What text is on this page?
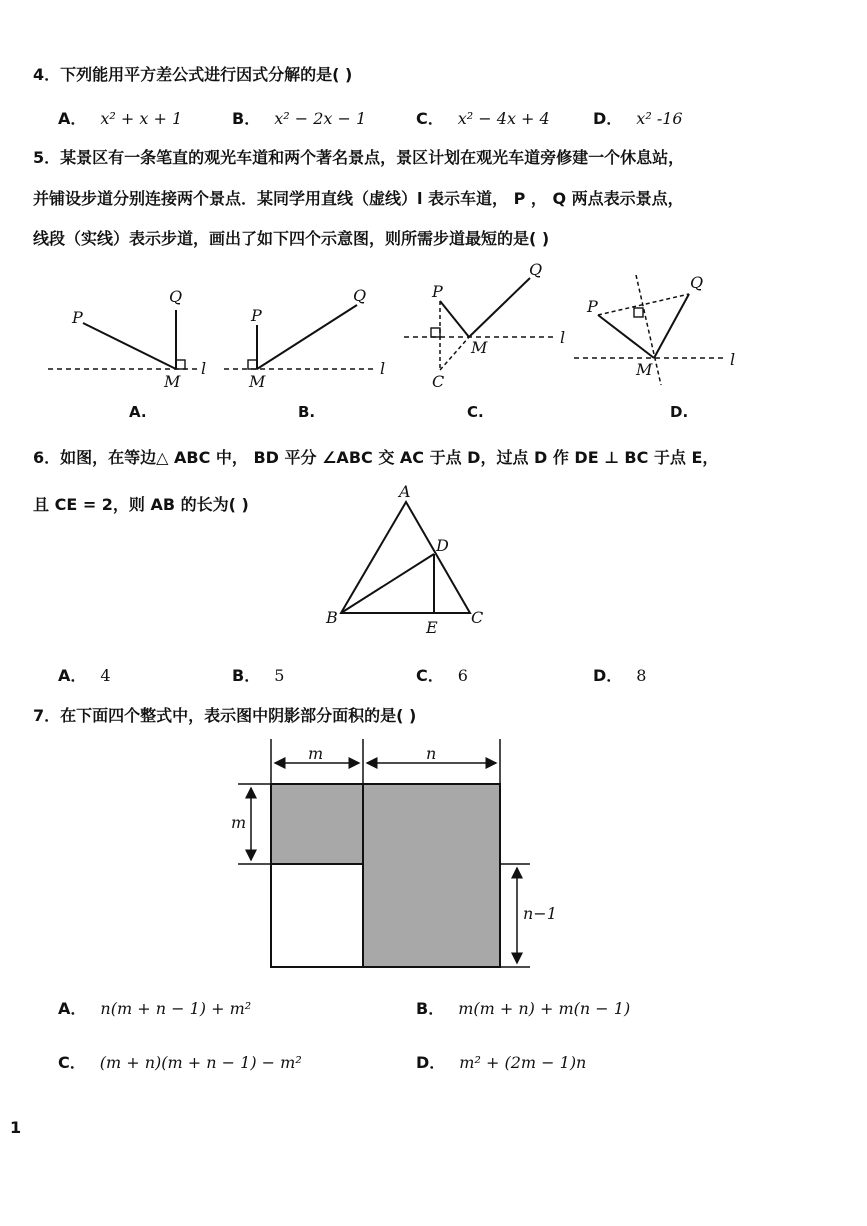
4．下列能用平方差公式进行因式分解的是( )
A． x² + x + 1	B． x² − 2x − 1	C． x² − 4x + 4	D． x² -16
5．某景区有一条笔直的观光车道和两个著名景点，景区计划在观光车道旁修建一个休息站，
并铺设步道分别连接两个景点．某同学用直线（虚线）l 表示车道， P ， Q 两点表示景点，
线段（实线）表示步道，画出了如下四个示意图，则所需步道最短的是( )
P
Q
M
l
P
Q
M
l
P
Q
M
C
l
P
Q
M
l
A.	B.	C.	D.
6．如图，在等边△ ABC 中， BD 平分 ∠ABC 交 AC 于点 D，过点 D 作 DE ⊥ BC 于点 E，
且 CE = 2，则 AB 的长为( )
A
B	C
D
E
A． 4	B． 5	C． 6	D． 8
7．在下面四个整式中，表示图中阴影部分面积的是( )
m	n
m
n−1
A． n(m + n − 1) + m²	B． m(m + n) + m(n − 1)
C． (m + n)(m + n − 1) − m²	D． m² + (2m − 1)n
1
